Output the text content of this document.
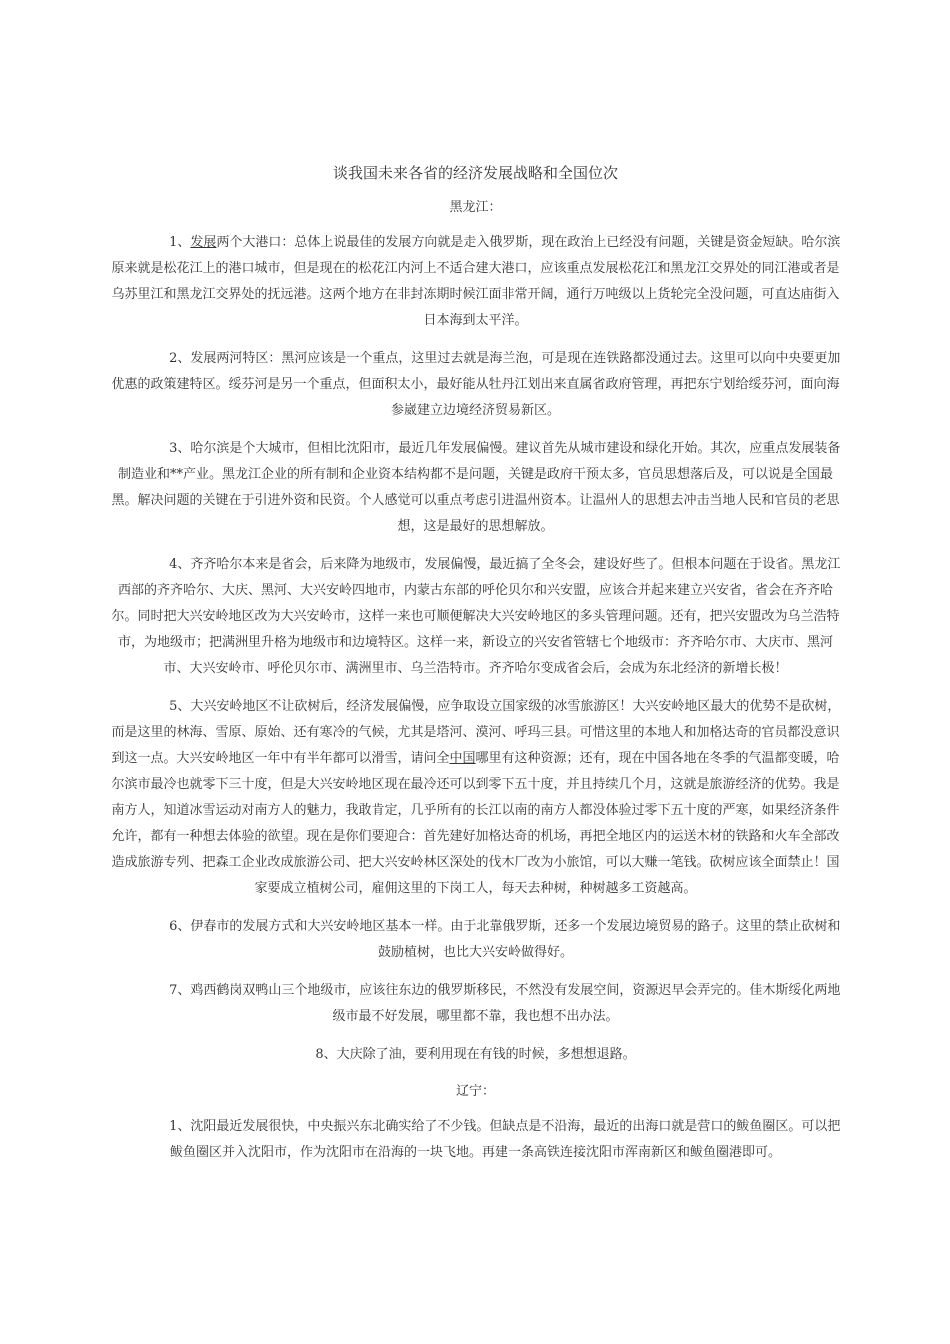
谈我国未来各省的经济发展战略和全国位次
黑龙江：

1、发展两个大港口：总体上说最佳的发展方向就是走入俄罗斯，现在政治上已经没有问题，关键是资金短缺。哈尔滨原来就是松花江上的港口城市，但是现在的松花江内河上不适合建大港口，应该重点发展松花江和黑龙江交界处的同江港或者是乌苏里江和黑龙江交界处的抚远港。这两个地方在非封冻期时候江面非常开阔，通行万吨级以上货轮完全没问题，可直达庙街入日本海到太平洋。

2、发展两河特区：黑河应该是一个重点，这里过去就是海兰泡，可是现在连铁路都没通过去。这里可以向中央要更加优惠的政策建特区。绥芬河是另一个重点，但面积太小，最好能从牡丹江划出来直属省政府管理，再把东宁划给绥芬河，面向海参崴建立边境经济贸易新区。

3、哈尔滨是个大城市，但相比沈阳市，最近几年发展偏慢。建议首先从城市建设和绿化开始。其次，应重点发展装备制造业和**产业。黑龙江企业的所有制和企业资本结构都不是问题，关键是政府干预太多，官员思想落后及，可以说是全国最黑。解决问题的关键在于引进外资和民资。个人感觉可以重点考虑引进温州资本。让温州人的思想去冲击当地人民和官员的老思想，这是最好的思想解放。

4、齐齐哈尔本来是省会，后来降为地级市，发展偏慢，最近搞了全冬会，建设好些了。但根本问题在于设省。黑龙江西部的齐齐哈尔、大庆、黑河、大兴安岭四地市，内蒙古东部的呼伦贝尔和兴安盟，应该合并起来建立兴安省，省会在齐齐哈尔。同时把大兴安岭地区改为大兴安岭市，这样一来也可顺便解决大兴安岭地区的多头管理问题。还有，把兴安盟改为乌兰浩特市，为地级市；把满洲里升格为地级市和边境特区。这样一来，新设立的兴安省管辖七个地级市：齐齐哈尔市、大庆市、黑河市、大兴安岭市、呼伦贝尔市、满洲里市、乌兰浩特市。齐齐哈尔变成省会后，会成为东北经济的新增长极！

5、大兴安岭地区不让砍树后，经济发展偏慢，应争取设立国家级的冰雪旅游区！大兴安岭地区最大的优势不是砍树，而是这里的林海、雪原、原始、还有寒冷的气候，尤其是塔河、漠河、呼玛三县。可惜这里的本地人和加格达奇的官员都没意识到这一点。大兴安岭地区一年中有半年都可以滑雪，请问全中国哪里有这种资源；还有，现在中国各地在冬季的气温都变暖，哈尔滨市最冷也就零下三十度，但是大兴安岭地区现在最冷还可以到零下五十度，并且持续几个月，这就是旅游经济的优势。我是南方人，知道冰雪运动对南方人的魅力，我敢肯定，几乎所有的长江以南的南方人都没体验过零下五十度的严寒，如果经济条件允许，都有一种想去体验的欲望。现在是你们要迎合：首先建好加格达奇的机场，再把全地区内的运送木材的铁路和火车全部改造成旅游专列、把森工企业改成旅游公司、把大兴安岭林区深处的伐木厂改为小旅馆，可以大赚一笔钱。砍树应该全面禁止！国家要成立植树公司，雇佣这里的下岗工人，每天去种树，种树越多工资越高。

6、伊春市的发展方式和大兴安岭地区基本一样。由于北靠俄罗斯，还多一个发展边境贸易的路子。这里的禁止砍树和鼓励植树，也比大兴安岭做得好。

7、鸡西鹤岗双鸭山三个地级市，应该往东边的俄罗斯移民，不然没有发展空间，资源迟早会弄完的。佳木斯绥化两地级市最不好发展，哪里都不靠，我也想不出办法。

8、大庆除了油，要利用现在有钱的时候，多想想退路。

辽宁：

1、沈阳最近发展很快，中央振兴东北确实给了不少钱。但缺点是不沿海，最近的出海口就是营口的鲅鱼圈区。可以把鲅鱼圈区并入沈阳市，作为沈阳市在沿海的一块飞地。再建一条高铁连接沈阳市浑南新区和鲅鱼圈港即可。
